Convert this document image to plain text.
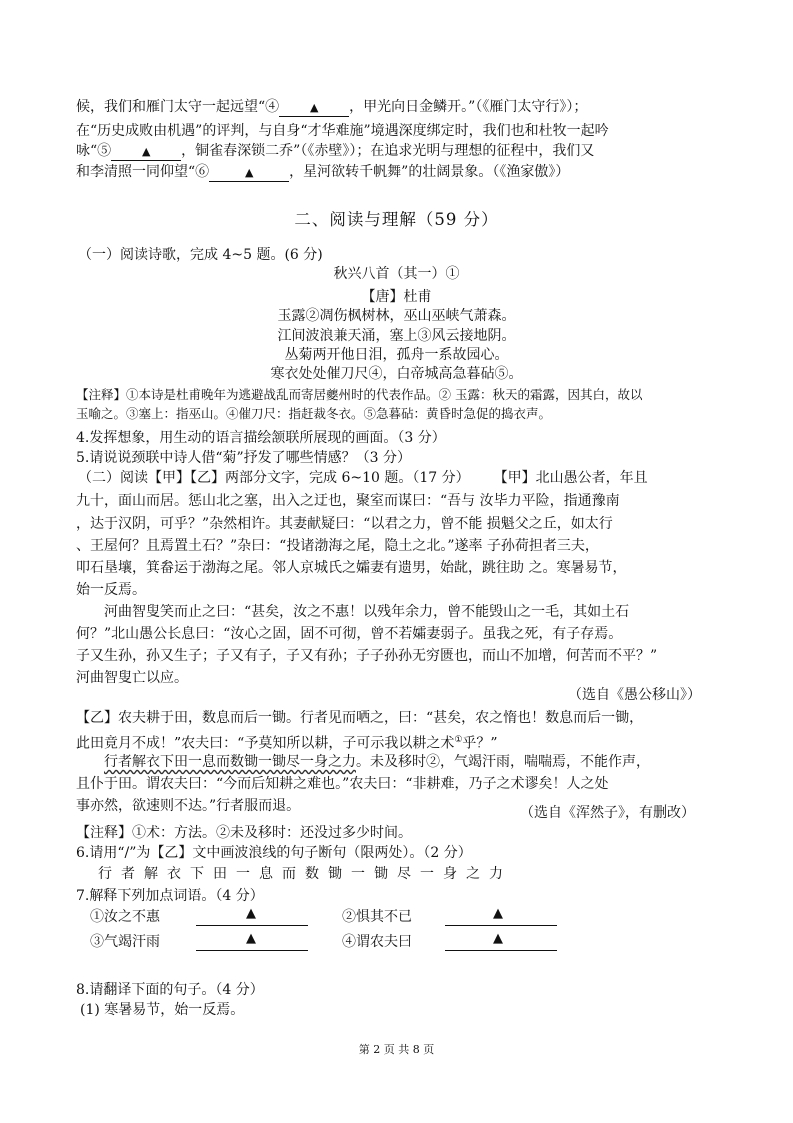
候，我们和雁门太守一起远望“④	▲ ，甲光向日金鳞开。”（《雁门太守行》）；
在“历史成败由机遇”的评判，与自身“才华难施”境遇深度绑定时，我们也和杜牧一起吟
咏“⑤	▲ ，铜雀春深锁二乔”（《赤壁》）；在追求光明与理想的征程中，我们又
和李清照一同仰望“⑥	▲	，星河欲转千帆舞”的壮阔景象。（《渔家傲》）
二、阅读与理解（59 分）
（一）阅读诗歌，完成 4~5 题。(6 分)
秋兴八首（其一）①
【唐】杜甫
玉露②凋伤枫树林，巫山巫峡气萧森。
江间波浪兼天涌，塞上③风云接地阴。
丛菊两开他日泪，孤舟一系故园心。
寒衣处处催刀尺④，白帝城高急暮砧⑤。
【注释】①本诗是杜甫晚年为逃避战乱而寄居夔州时的代表作品。② 玉露：秋天的霜露，因其白，故以
玉喻之。③塞上：指巫山。④催刀尺：指赶裁冬衣。⑤急暮砧：黄昏时急促的捣衣声。
4.发挥想象，用生动的语言描绘颔联所展现的画面。（3 分）
5.请说说颈联中诗人借“菊”抒发了哪些情感？（3 分）
（二）阅读【甲】【乙】两部分文字，完成 6~10 题。（17 分） 【甲】北山愚公者，年且
九十，面山而居。惩山北之塞，出入之迂也，聚室而谋曰：“吾与 汝毕力平险，指通豫南
，达于汉阴，可乎？”杂然相许。其妻献疑曰：“以君之力，曾不能 损魁父之丘，如太行
、王屋何？且焉置土石？”杂曰：“投诸渤海之尾，隐土之北。”遂率 子孙荷担者三夫，
叩石垦壤，箕畚运于渤海之尾。邻人京城氏之孀妻有遗男，始龀，跳往助 之。寒暑易节，
始一反焉。
河曲智叟笑而止之曰：“甚矣，汝之不惠！以残年余力，曾不能毁山之一毛，其如土石
何？”北山愚公长息曰：“汝心之固，固不可彻，曾不若孀妻弱子。虽我之死，有子存焉。
子又生孙，孙又生子；子又有子，子又有孙；子子孙孙无穷匮也，而山不加增，何苦而不平？”
河曲智叟亡以应。
（选自《愚公移山》）
【乙】农夫耕于田，数息而后一锄。行者见而哂之，曰：“甚矣，农之惰也！数息而后一锄，
此田竟月不成！”农夫曰：“予莫知所以耕，子可示我以耕之术①乎？”
行者解衣下田一息而数锄一锄尽一身之力。未及移时②，气竭汗雨，喘喘焉，不能作声，
且仆于田。谓农夫曰：“今而后知耕之难也。”农夫曰：“非耕难，乃子之术谬矣！人之处
事亦然，欲速则不达。”行者服而退。	（选自《浑然子》，有删改）
【注释】①术：方法。②未及移时：还没过多少时间。
6.请用“/”为【乙】文中画波浪线的句子断句（限两处）。（2 分）
行者解衣下田一息而数锄一锄尽一身之力
7.解释下列加点词语。（4 分）
①汝之不惠	▲	②惧其不已	▲
③气竭汗雨	▲	④谓农夫曰	▲
8.请翻译下面的句子。（4 分）
(1) 寒暑易节，始一反焉。
第 2 页 共 8 页
